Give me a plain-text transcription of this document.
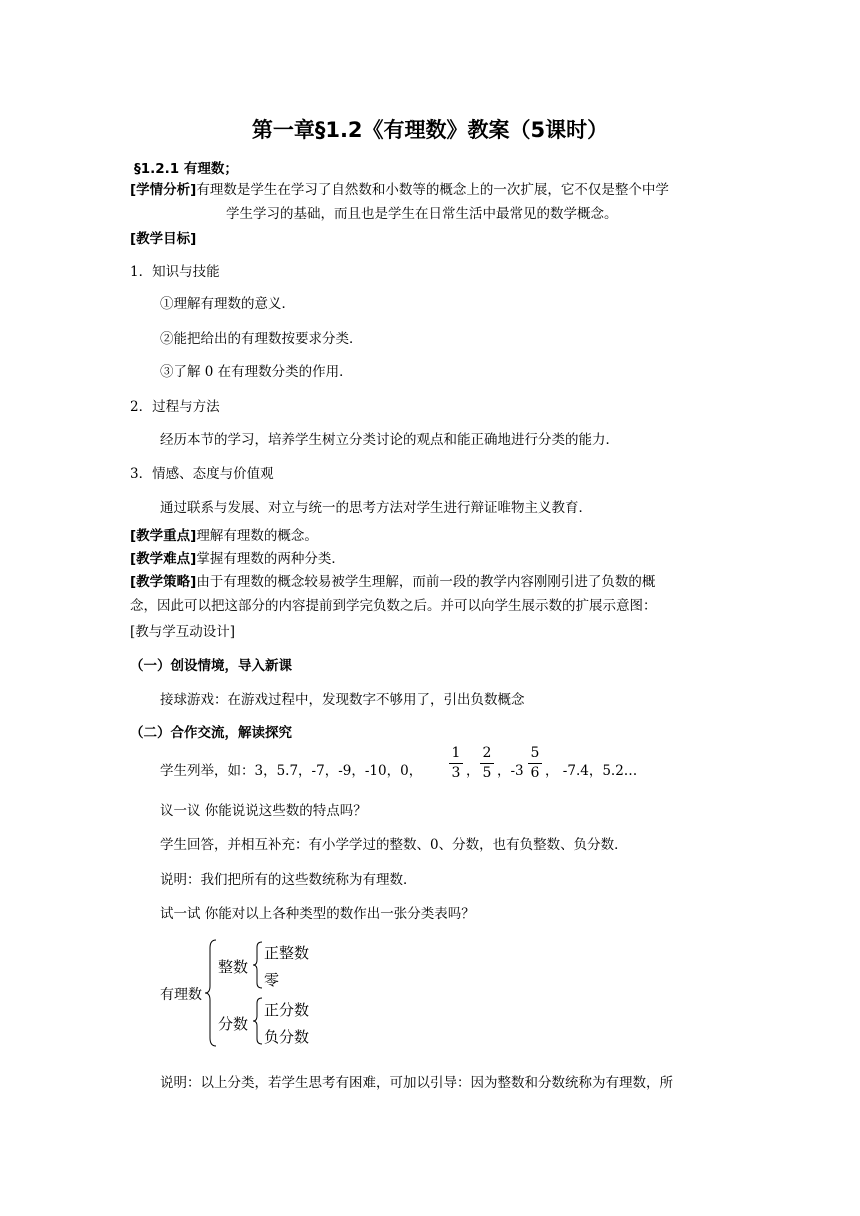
第一章§1.2《有理数》教案（5课时）
§1.2.1 有理数；
[学情分析]有理数是学生在学习了自然数和小数等的概念上的一次扩展，它不仅是整个中学
学生学习的基础，而且也是学生在日常生活中最常见的数学概念。
[教学目标]
1．知识与技能
①理解有理数的意义．
②能把给出的有理数按要求分类．
③了解 0 在有理数分类的作用．
2．过程与方法
经历本节的学习，培养学生树立分类讨论的观点和能正确地进行分类的能力．
3．情感、态度与价值观
通过联系与发展、对立与统一的思考方法对学生进行辩证唯物主义教育．
[教学重点]理解有理数的概念。
[教学难点]掌握有理数的两种分类．
[教学策略]由于有理数的概念较易被学生理解，而前一段的教学内容刚刚引进了负数的概
念，因此可以把这部分的内容提前到学完负数之后。并可以向学生展示数的扩展示意图：
[教与学互动设计]
（一）创设情境，导入新课
接球游戏：在游戏过程中，发现数字不够用了，引出负数概念
（二）合作交流，解读探究
学生列举，如：3，5.7，-7，-9，-10，0，
1
3 ，
2
5 ，-3
5
6 ， -7.4，5.2…
议一议 你能说说这些数的特点吗？
学生回答，并相互补充：有小学学过的整数、0、分数，也有负整数、负分数．
说明：我们把所有的这些数统称为有理数．
试一试 你能对以上各种类型的数作出一张分类表吗？
有理数
整数
正整数
零
分数
正分数
负分数
说明：以上分类，若学生思考有困难，可加以引导：因为整数和分数统称为有理数，所
